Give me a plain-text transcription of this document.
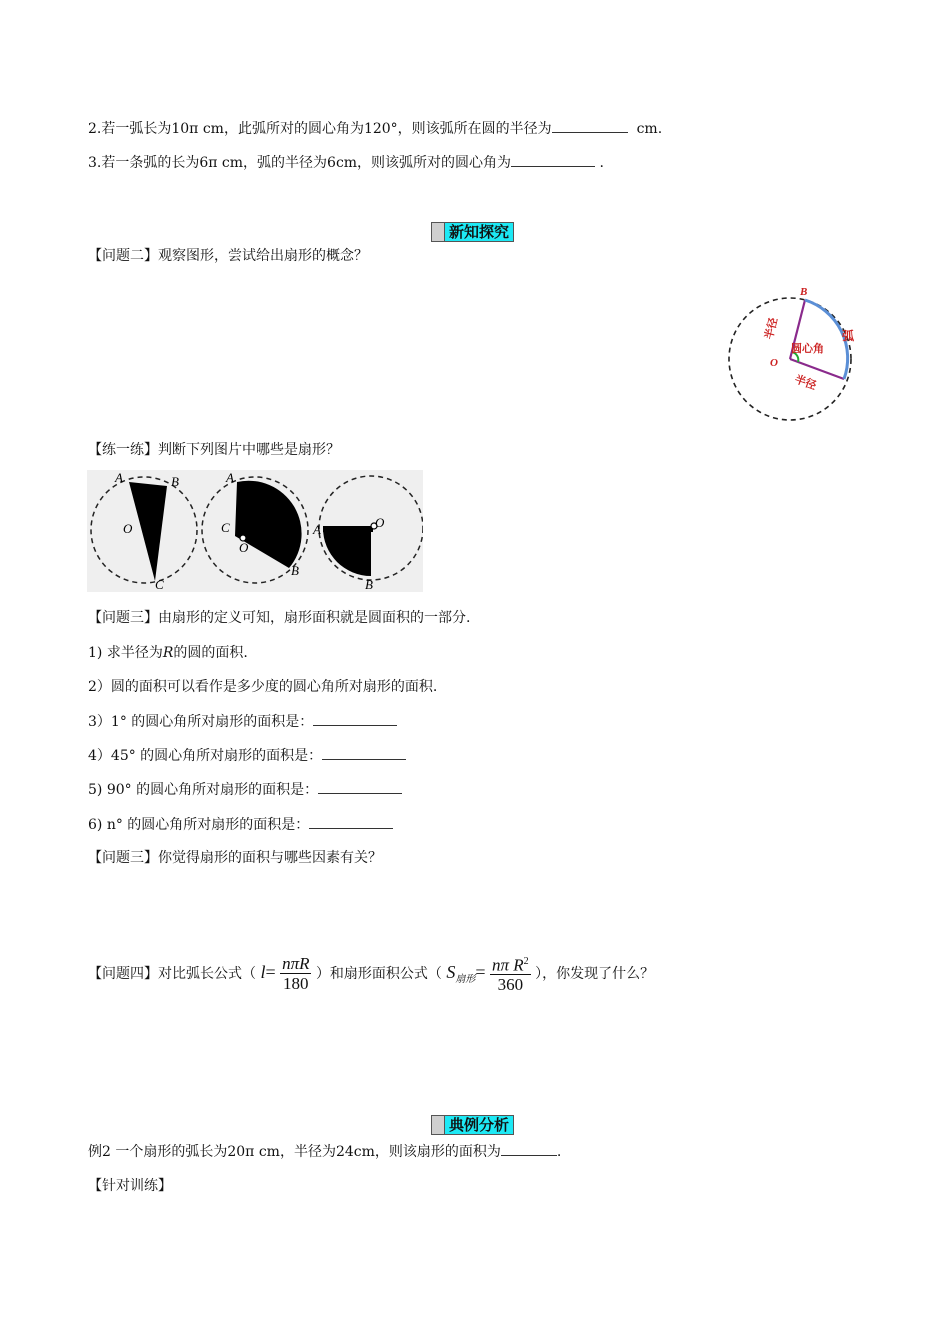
2.若一弧长为10π cm，此弧所对的圆心角为120°，则该弧所在圆的半径为	cm.
3.若一条弧的长为6π cm，弧的半径为6cm，则该弧所对的圆心角为	.
新知探究
【问题二】观察图形，尝试给出扇形的概念？
B
O
半径
半径
弧
圆心角
【练一练】判断下列图片中哪些是扇形？
A	B
O
C
A
C
O
B
A	O
B
【问题三】由扇形的定义可知，扇形面积就是圆面积的一部分.
1) 求半径为R的圆的面积.
2）圆的面积可以看作是多少度的圆心角所对扇形的面积.
3）1° 的圆心角所对扇形的面积是：
4）45° 的圆心角所对扇形的面积是：
5) 90° 的圆心角所对扇形的面积是：
6) n° 的圆心角所对扇形的面积是：
【问题三】你觉得扇形的面积与哪些因素有关？
【问题四】对比弧长公式（ $l= \frac{\text{nπR}}{180}$ ）和扇形面积公式（ $S_{扇形}= \frac{n\pi R^2}{360}$ ），你发现了什么？
典例分析
例2 一个扇形的弧长为20π cm，半径为24cm，则该扇形的面积为	.
【针对训练】
